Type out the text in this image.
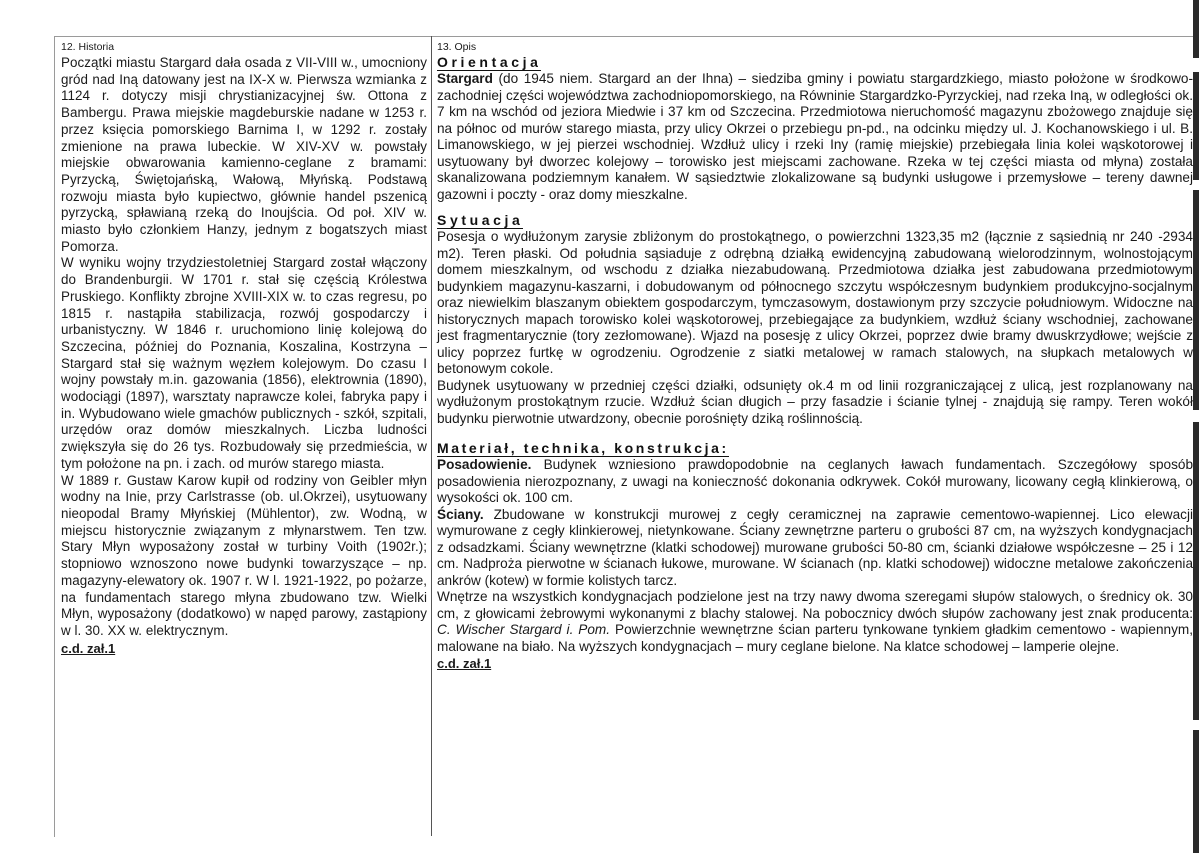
12. Historia

Początki miastu Stargard dała osada z VII-VIII w., umocniony gród nad Iną datowany jest na IX-X w. Pierwsza wzmianka z 1124 r. dotyczy misji chrystianizacyjnej św. Ottona z Bambergu. Prawa miejskie magdeburskie nadane w 1253 r. przez księcia pomorskiego Barnima I, w 1292 r. zostały zmienione na prawa lubeckie. W XIV-XV w. powstały miejskie obwarowania kamienno-ceglane z bramami: Pyrzycką, Świętojańską, Wałową, Młyńską. Podstawą rozwoju miasta było kupiectwo, głównie handel pszenicą pyrzycką, spławianą rzeką do Inoujścia. Od poł. XIV w. miasto było członkiem Hanzy, jednym z bogatszych miast Pomorza.

W wyniku wojny trzydziestoletniej Stargard został włączony do Brandenburgii. W 1701 r. stał się częścią Królestwa Pruskiego. Konflikty zbrojne XVIII-XIX w. to czas regresu, po 1815 r. nastąpiła stabilizacja, rozwój gospodarczy i urbanistyczny. W 1846 r. uruchomiono linię kolejową do Szczecina, później do Poznania, Koszalina, Kostrzyna – Stargard stał się ważnym węzłem kolejowym. Do czasu I wojny powstały m.in. gazowania (1856), elektrownia (1890), wodociągi (1897), warsztaty naprawcze kolei, fabryka papy i in. Wybudowano wiele gmachów publicznych - szkół, szpitali, urzędów oraz domów mieszkalnych. Liczba ludności zwiększyła się do 26 tys. Rozbudowały się przedmieścia, w tym położone na pn. i zach. od murów starego miasta.

W 1889 r. Gustaw Karow kupił od rodziny von Geibler młyn wodny na Inie, przy Carlstrasse (ob. ul.Okrzei), usytuowany nieopodal Bramy Młyńskiej (Mühlentor), zw. Wodną, w miejscu historycznie związanym z młynarstwem. Ten tzw. Stary Młyn wyposażony został w turbiny Voith (1902r.); stopniowo wznoszono nowe budynki towarzyszące – np. magazyny-elewatory ok. 1907 r. W l. 1921-1922, po pożarze, na fundamentach starego młyna zbudowano tzw. Wielki Młyn, wyposażony (dodatkowo) w napęd parowy, zastąpiony w l. 30. XX w. elektrycznym.

c.d. zał.1
13. Opis
Orientacja

Stargard (do 1945 niem. Stargard an der Ihna) – siedziba gminy i powiatu stargardzkiego, miasto położone w środkowo-zachodniej części województwa zachodniopomorskiego, na Równinie Stargardzko-Pyrzyckiej, nad rzeka Iną, w odległości ok. 7 km na wschód od jeziora Miedwie i 37 km od Szczecina. Przedmiotowa nieruchomość magazynu zbożowego znajduje się na północ od murów starego miasta, przy ulicy Okrzei o przebiegu pn-pd., na odcinku między ul. J. Kochanowskiego i ul. B. Limanowskiego, w jej pierzei wschodniej. Wzdłuż ulicy i rzeki Iny (ramię miejskie) przebiegała linia kolei wąskotorowej i usytuowany był dworzec kolejowy – torowisko jest miejscami zachowane. Rzeka w tej części miasta od młyna) została skanalizowana podziemnym kanałem. W sąsiedztwie zlokalizowane są budynki usługowe i przemysłowe – tereny dawnej gazowni i poczty - oraz domy mieszkalne.

Sytuacja

Posesja o wydłużonym zarysie zbliżonym do prostokątnego, o powierzchni 1323,35 m2 (łącznie z sąsiednią nr 240 -2934 m2). Teren płaski. Od południa sąsiaduje z odrębną działką ewidencyjną zabudowaną wielorodzinnym, wolnostojącym domem mieszkalnym, od wschodu z działka niezabudowaną. Przedmiotowa działka jest zabudowana przedmiotowym budynkiem magazynu-kaszarni, i dobudowanym od północnego szczytu współczesnym budynkiem produkcyjno-socjalnym oraz niewielkim blaszanym obiektem gospodarczym, tymczasowym, dostawionym przy szczycie południowym. Widoczne na historycznych mapach torowisko kolei wąskotorowej, przebiegające za budynkiem, wzdłuż ściany wschodniej, zachowane jest fragmentarycznie (tory zezłomowane). Wjazd na posesję z ulicy Okrzei, poprzez dwie bramy dwuskrzydłowe; wejście z ulicy poprzez furtkę w ogrodzeniu. Ogrodzenie z siatki metalowej w ramach stalowych, na słupkach metalowych w betonowym cokole.

Budynek usytuowany w przedniej części działki, odsunięty ok.4 m od linii rozgraniczającej z ulicą, jest rozplanowany na wydłużonym prostokątnym rzucie. Wzdłuż ścian długich – przy fasadzie i ścianie tylnej - znajdują się rampy. Teren wokół budynku pierwotnie utwardzony, obecnie porośnięty dziką roślinnością.

Materiał, technika, konstrukcja:

Posadowienie. Budynek wzniesiono prawdopodobnie na ceglanych ławach fundamentach. Szczegółowy sposób posadowienia nierozpoznany, z uwagi na konieczność dokonania odkrywek. Cokół murowany, licowany cegłą klinkierową, o wysokości ok. 100 cm.

Ściany. Zbudowane w konstrukcji murowej z cegły ceramicznej na zaprawie cementowo-wapiennej. Lico elewacji wymurowane z cegły klinkierowej, nietynkowane. Ściany zewnętrzne parteru o grubości 87 cm, na wyższych kondygnacjach z odsadzkami. Ściany wewnętrzne (klatki schodowej) murowane grubości 50-80 cm, ścianki działowe współczesne – 25 i 12 cm. Nadproża pierwotne w ścianach łukowe, murowane. W ścianach (np. klatki schodowej) widoczne metalowe zakończenia ankrów (kotew) w formie kolistych tarcz.

Wnętrze na wszystkich kondygnacjach podzielone jest na trzy nawy dwoma szeregami słupów stalowych, o średnicy ok. 30 cm, z głowicami żebrowymi wykonanymi z blachy stalowej. Na pobocznicy dwóch słupów zachowany jest znak producenta: C. Wischer Stargard i. Pom. Powierzchnie wewnętrzne ścian parteru tynkowane tynkiem gładkim cementowo - wapiennym, malowane na biało. Na wyższych kondygnacjach – mury ceglane bielone. Na klatce schodowej – lamperie olejne.

c.d. zał.1
